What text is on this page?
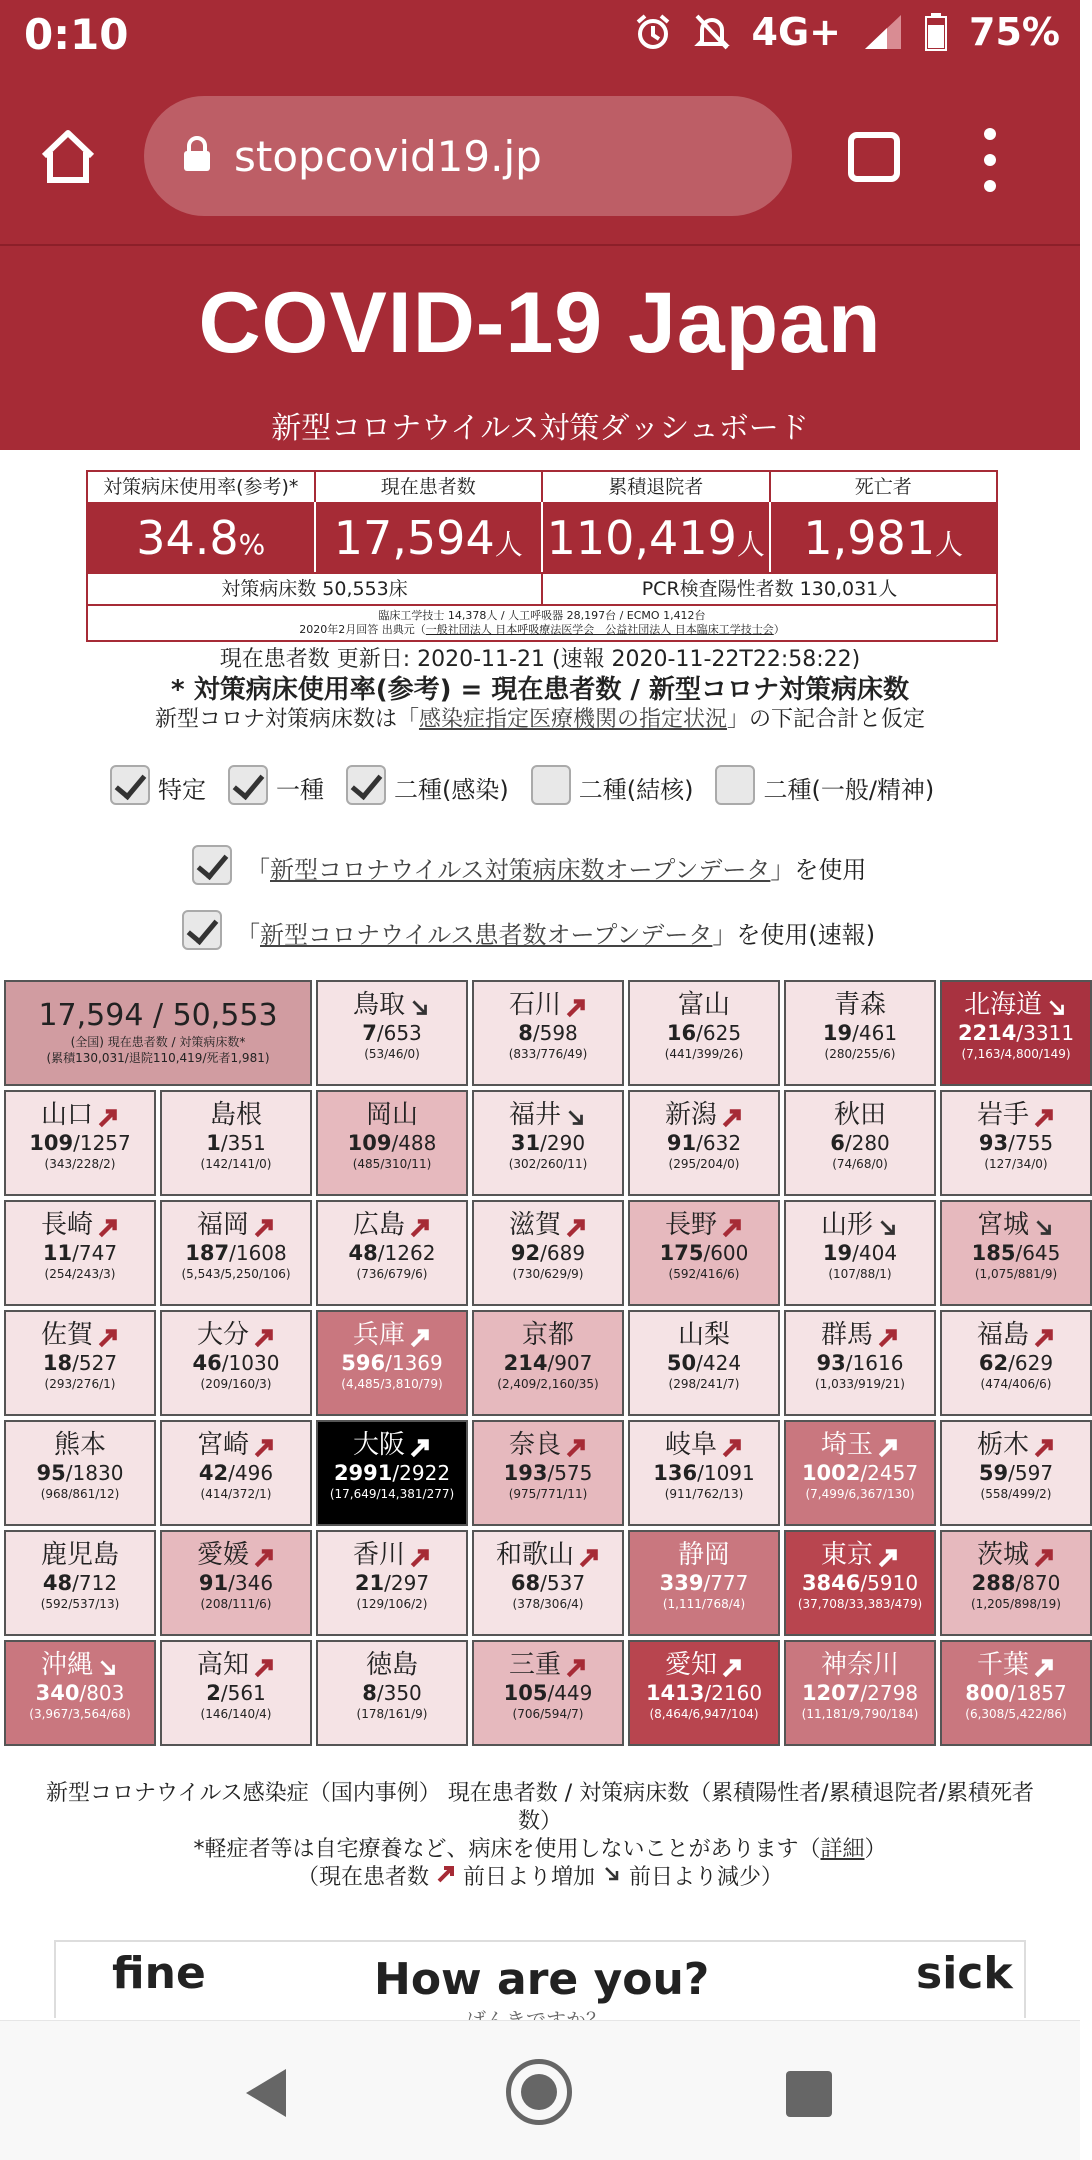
0:10	4G+	75%
stopcovid19.jp
COVID-19 Japan
新型コロナウイルス対策ダッシュボード
対策病床使用率(参考)*	現在患者数	累積退院者	死亡者
34.8%	17,594人 110,419人 1,981人
対策病床数 50,553床	PCR検査陽性者数 130,031人
臨床工学技士 14,378人 / 人工呼吸器 28,197台 / ECMO 1,412台
2020年2月回答 出典元（一般社団法人 日本呼吸療法医学会　公益社団法人 日本臨床工学技士会）

現在患者数 更新日: 2020-11-21 (速報 2020-11-22T22:58:22)

* 対策病床使用率(参考) = 現在患者数 / 新型コロナ対策病床数

新型コロナ対策病床数は「感染症指定医療機関の指定状況」の下記合計と仮定

特定	一種	二種(感染)	二種(結核)	二種(一般/精神)
「新型コロナウイルス対策病床数オープンデータ」を使用
「新型コロナウイルス患者数オープンデータ」を使用(速報)
17,594 / 50,553
(全国) 現在患者数 / 対策病床数*
(累積130,031/退院110,419/死者1,981)
鳥取
7/653
(53/46/0)
石川
8/598
(833/776/49)
富山
16/625
(441/399/26)
青森
19/461
(280/255/6)
北海道
2214/3311
(7,163/4,800/149)
山口
109/1257
(343/228/2)
島根
1/351
(142/141/0)
岡山
109/488
(485/310/11)
福井
31/290
(302/260/11)
新潟
91/632
(295/204/0)
秋田
6/280
(74/68/0)
岩手
93/755
(127/34/0)
長崎
11/747
(254/243/3)
福岡
187/1608
(5,543/5,250/106)
広島
48/1262
(736/679/6)
滋賀
92/689
(730/629/9)
長野
175/600
(592/416/6)
山形
19/404
(107/88/1)
宮城
185/645
(1,075/881/9)
佐賀
18/527
(293/276/1)
大分
46/1030
(209/160/3)
兵庫
596/1369
(4,485/3,810/79)
京都
214/907
(2,409/2,160/35)
山梨
50/424
(298/241/7)
群馬
93/1616
(1,033/919/21)
福島
62/629
(474/406/6)
熊本
95/1830
(968/861/12)
宮崎
42/496
(414/372/1)
大阪
2991/2922
(17,649/14,381/277)
奈良
193/575
(975/771/11)
岐阜
136/1091
(911/762/13)
埼玉
1002/2457
(7,499/6,367/130)
栃木
59/597
(558/499/2)
鹿児島
48/712
(592/537/13)
愛媛
91/346
(208/111/6)
香川
21/297
(129/106/2)
和歌山
68/537
(378/306/4)
静岡
339/777
(1,111/768/4)
東京
3846/5910
(37,708/33,383/479)
茨城
288/870
(1,205/898/19)
沖縄
340/803
(3,967/3,564/68)
高知
2/561
(146/140/4)
徳島
8/350
(178/161/9)
三重
105/449
(706/594/7)
愛知
1413/2160
(8,464/6,947/104)
神奈川
1207/2798
(11,181/9,790/184)
千葉
800/1857
(6,308/5,422/86)
新型コロナウイルス感染症（国内事例） 現在患者数 / 対策病床数（累積陽性者/累積退院者/累積死者数）
*軽症者等は自宅療養など、病床を使用しないことがあります（詳細）
（現在患者数  前日より増加  前日より減少）
fine	How are you?	sick
